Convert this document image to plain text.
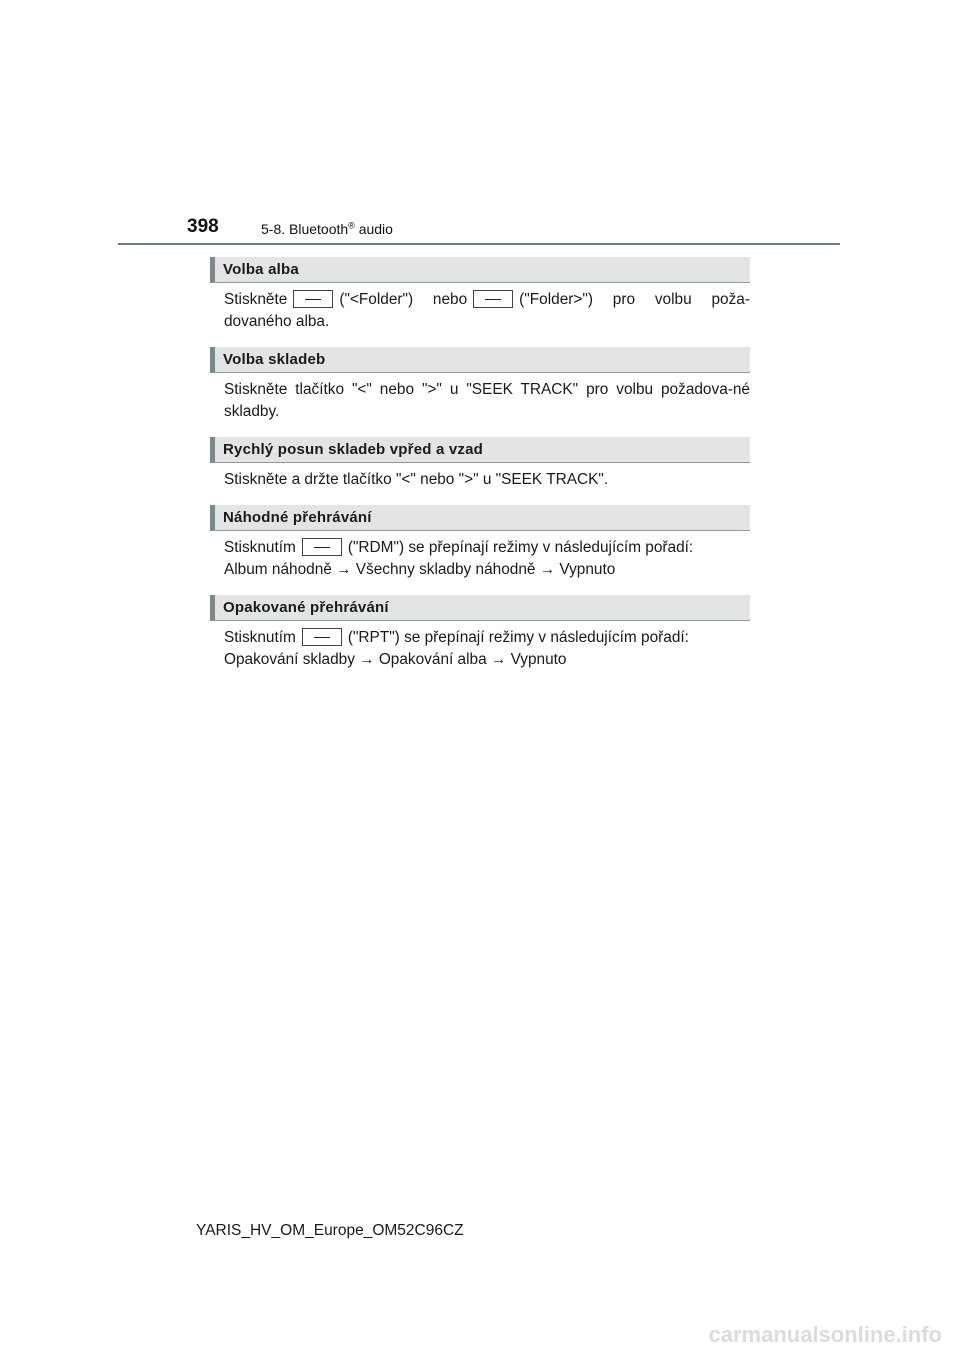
398	5-8. Bluetooth® audio
Volba alba
Stiskněte	("<Folder") nebo	("Folder>") pro volbu poža-dovaného alba.
Volba skladeb
Stiskněte tlačítko "<" nebo ">" u "SEEK TRACK" pro volbu požadova-né skladby.
Rychlý posun skladeb vpřed a vzad
Stiskněte a držte tlačítko "<" nebo ">" u "SEEK TRACK".
Náhodné přehrávání
Stisknutím	("RDM") se přepínají režimy v následujícím pořadí:
Album náhodně → Všechny skladby náhodně → Vypnuto
Opakované přehrávání
Stisknutím	("RPT") se přepínají režimy v následujícím pořadí:
Opakování skladby → Opakování alba → Vypnuto
YARIS_HV_OM_Europe_OM52C96CZ
carmanualsonline.info
